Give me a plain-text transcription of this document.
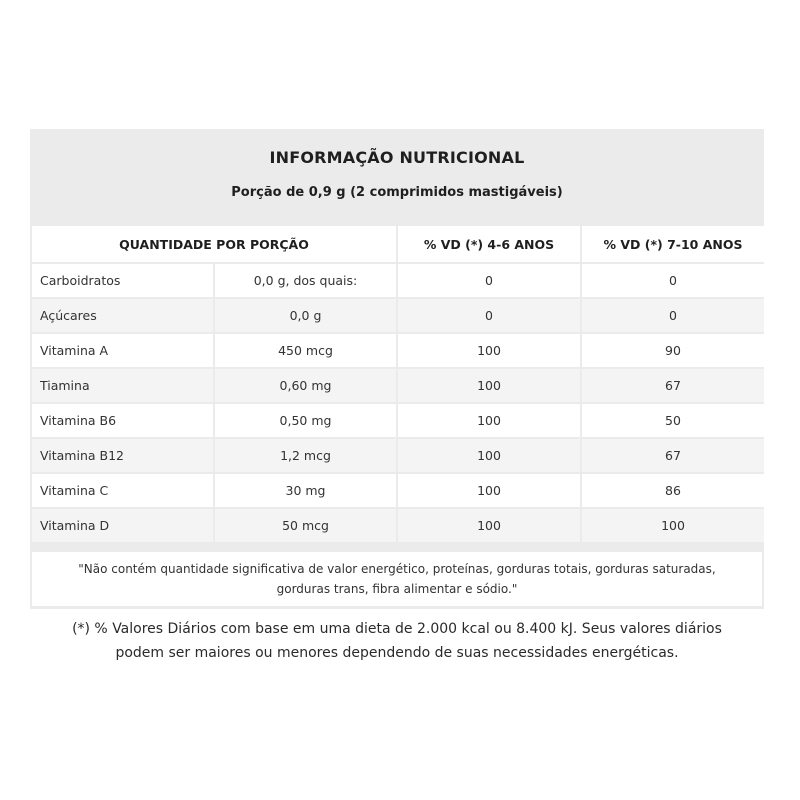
INFORMAÇÃO NUTRICIONAL
Porção de 0,9 g (2 comprimidos mastigáveis)
QUANTIDADE POR PORÇÃO		% VD (*) 4-6 ANOS	% VD (*) 7-10 ANOS
Carboidratos	0,0 g, dos quais:	0	0
Açúcares	0,0 g	0	0
Vitamina A	450 mcg	100	90
Tiamina	0,60 mg	100	67
Vitamina B6	0,50 mg	100	50
Vitamina B12	1,2 mcg	100	67
Vitamina C	30 mg	100	86
Vitamina D	50 mcg	100	100
"Não contém quantidade significativa de valor energético, proteínas, gorduras totais, gorduras saturadas,
gorduras trans, fibra alimentar e sódio."
(*) % Valores Diários com base em uma dieta de 2.000 kcal ou 8.400 kJ. Seus valores diários
podem ser maiores ou menores dependendo de suas necessidades energéticas.
